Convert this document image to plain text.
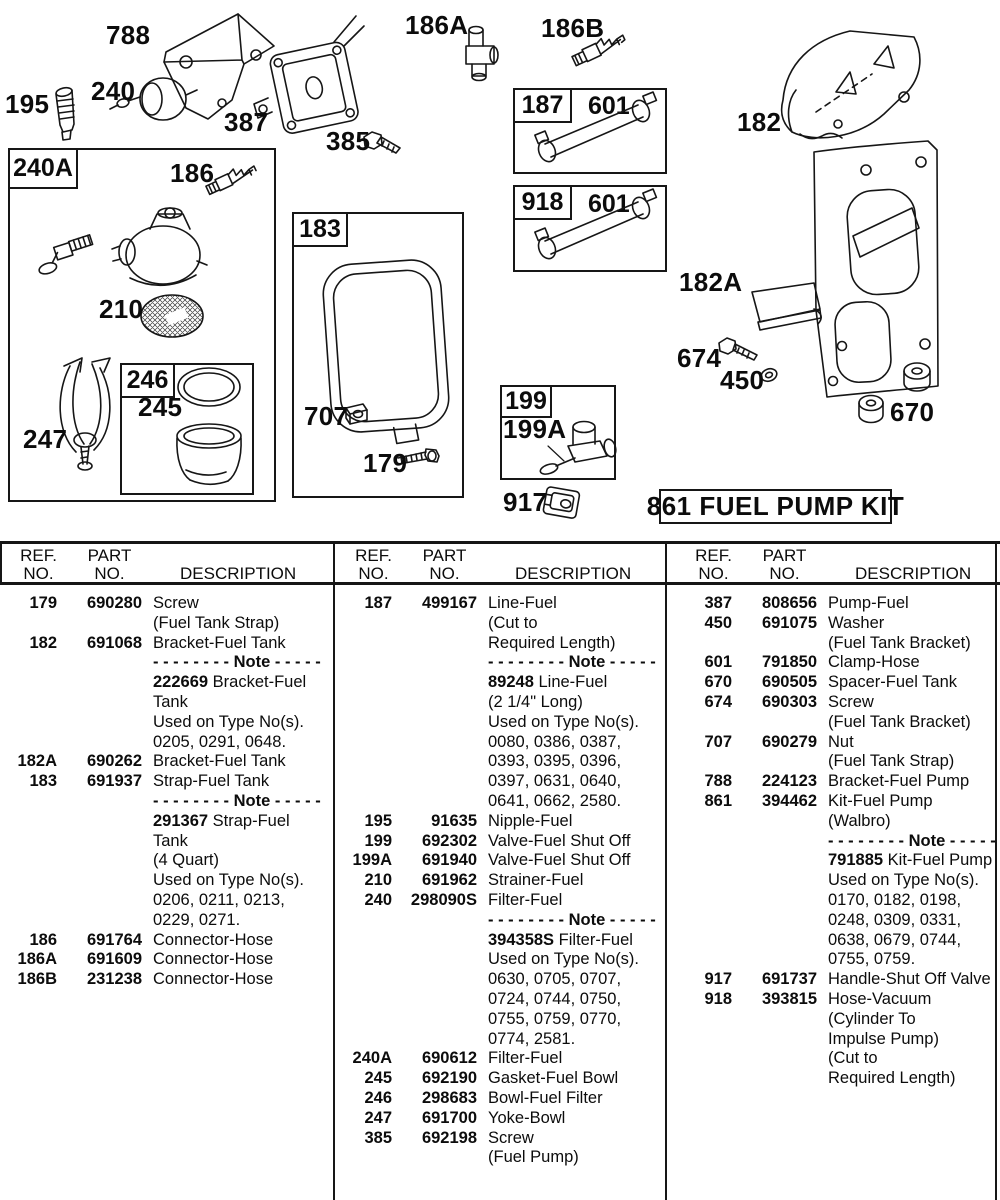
240A
246
183
187 601
918 601
199
861 FUEL PUMP KIT
788
195 240
387
385
186A	186B
182
182A
674
450
670
917
186
210
245
247
707
179
199A
REF.
NO.
PART
NO.	DESCRIPTION
179	690280 Screw
(Fuel Tank Strap)
182	691068 Bracket-Fuel Tank
- - - - - - - - Note - - - - -
222669 Bracket-Fuel
Tank
Used on Type No(s).
0205, 0291, 0648.
182A	690262 Bracket-Fuel Tank
183	691937 Strap-Fuel Tank
- - - - - - - - Note - - - - -
291367 Strap-Fuel
Tank
(4 Quart)
Used on Type No(s).
0206, 0211, 0213,
0229, 0271.
186	691764 Connector-Hose
186A	691609 Connector-Hose
186B	231238 Connector-Hose
REF.
NO.
PART
NO.	DESCRIPTION
187	499167 Line-Fuel
(Cut to
Required Length)
- - - - - - - - Note - - - - -
89248 Line-Fuel
(2 1/4" Long)
Used on Type No(s).
0080, 0386, 0387,
0393, 0395, 0396,
0397, 0631, 0640,
0641, 0662, 2580.
195	91635 Nipple-Fuel
199	692302 Valve-Fuel Shut Off
199A	691940 Valve-Fuel Shut Off
210	691962 Strainer-Fuel
240	298090S Filter-Fuel
- - - - - - - - Note - - - - -
394358S Filter-Fuel
Used on Type No(s).
0630, 0705, 0707,
0724, 0744, 0750,
0755, 0759, 0770,
0774, 2581.
240A	690612 Filter-Fuel
245	692190 Gasket-Fuel Bowl
246	298683 Bowl-Fuel Filter
247	691700 Yoke-Bowl
385	692198 Screw
(Fuel Pump)
REF.
NO.
PART
NO.	DESCRIPTION
387	808656 Pump-Fuel
450	691075 Washer
(Fuel Tank Bracket)
601	791850 Clamp-Hose
670	690505 Spacer-Fuel Tank
674	690303 Screw
(Fuel Tank Bracket)
707	690279 Nut
(Fuel Tank Strap)
788	224123 Bracket-Fuel Pump
861	394462 Kit-Fuel Pump
(Walbro)
- - - - - - - - Note - - - - -
791885 Kit-Fuel Pump
Used on Type No(s).
0170, 0182, 0198,
0248, 0309, 0331,
0638, 0679, 0744,
0755, 0759.
917	691737 Handle-Shut Off Valve
918	393815 Hose-Vacuum
(Cylinder To
Impulse Pump)
(Cut to
Required Length)
